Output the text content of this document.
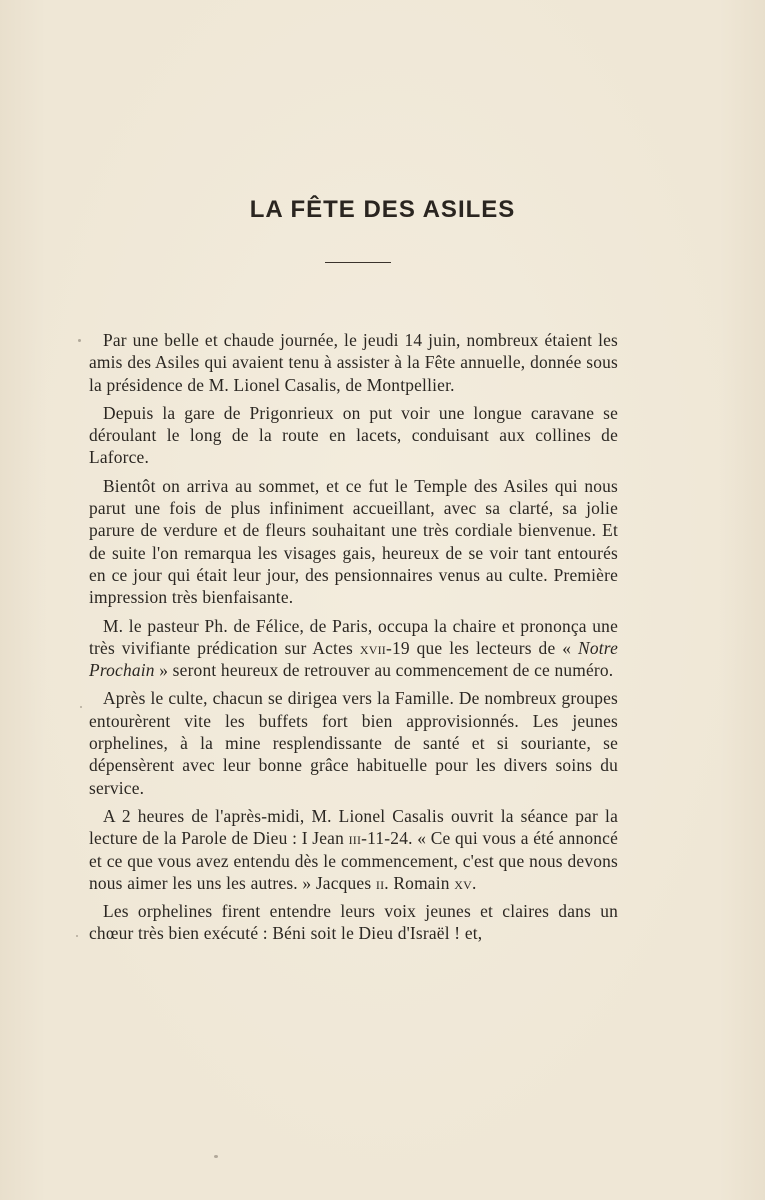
LA FÊTE DES ASILES

Par une belle et chaude journée, le jeudi 14 juin, nombreux étaient les amis des Asiles qui avaient tenu à assister à la Fête annuelle, donnée sous la présidence de M. Lionel Casalis, de Montpellier.

Depuis la gare de Prigonrieux on put voir une longue caravane se déroulant le long de la route en lacets, conduisant aux collines de Laforce.

Bientôt on arriva au sommet, et ce fut le Temple des Asiles qui nous parut une fois de plus infiniment accueillant, avec sa clarté, sa jolie parure de verdure et de fleurs souhaitant une très cordiale bienvenue. Et de suite l'on remarqua les visages gais, heureux de se voir tant entourés en ce jour qui était leur jour, des pensionnaires venus au culte. Première impression très bienfaisante.

M. le pasteur Ph. de Félice, de Paris, occupa la chaire et prononça une très vivifiante prédication sur Actes xvii-19 que les lecteurs de « Notre Prochain » seront heureux de retrouver au commencement de ce numéro.

Après le culte, chacun se dirigea vers la Famille. De nombreux groupes entourèrent vite les buffets fort bien approvisionnés. Les jeunes orphelines, à la mine resplendissante de santé et si souriante, se dépensèrent avec leur bonne grâce habituelle pour les divers soins du service.

A 2 heures de l'après-midi, M. Lionel Casalis ouvrit la séance par la lecture de la Parole de Dieu : I Jean iii-11-24. « Ce qui vous a été annoncé et ce que vous avez entendu dès le commencement, c'est que nous devons nous aimer les uns les autres. » Jacques ii. Romain xv.

Les orphelines firent entendre leurs voix jeunes et claires dans un chœur très bien exécuté : Béni soit le Dieu d'Israël ! et,
